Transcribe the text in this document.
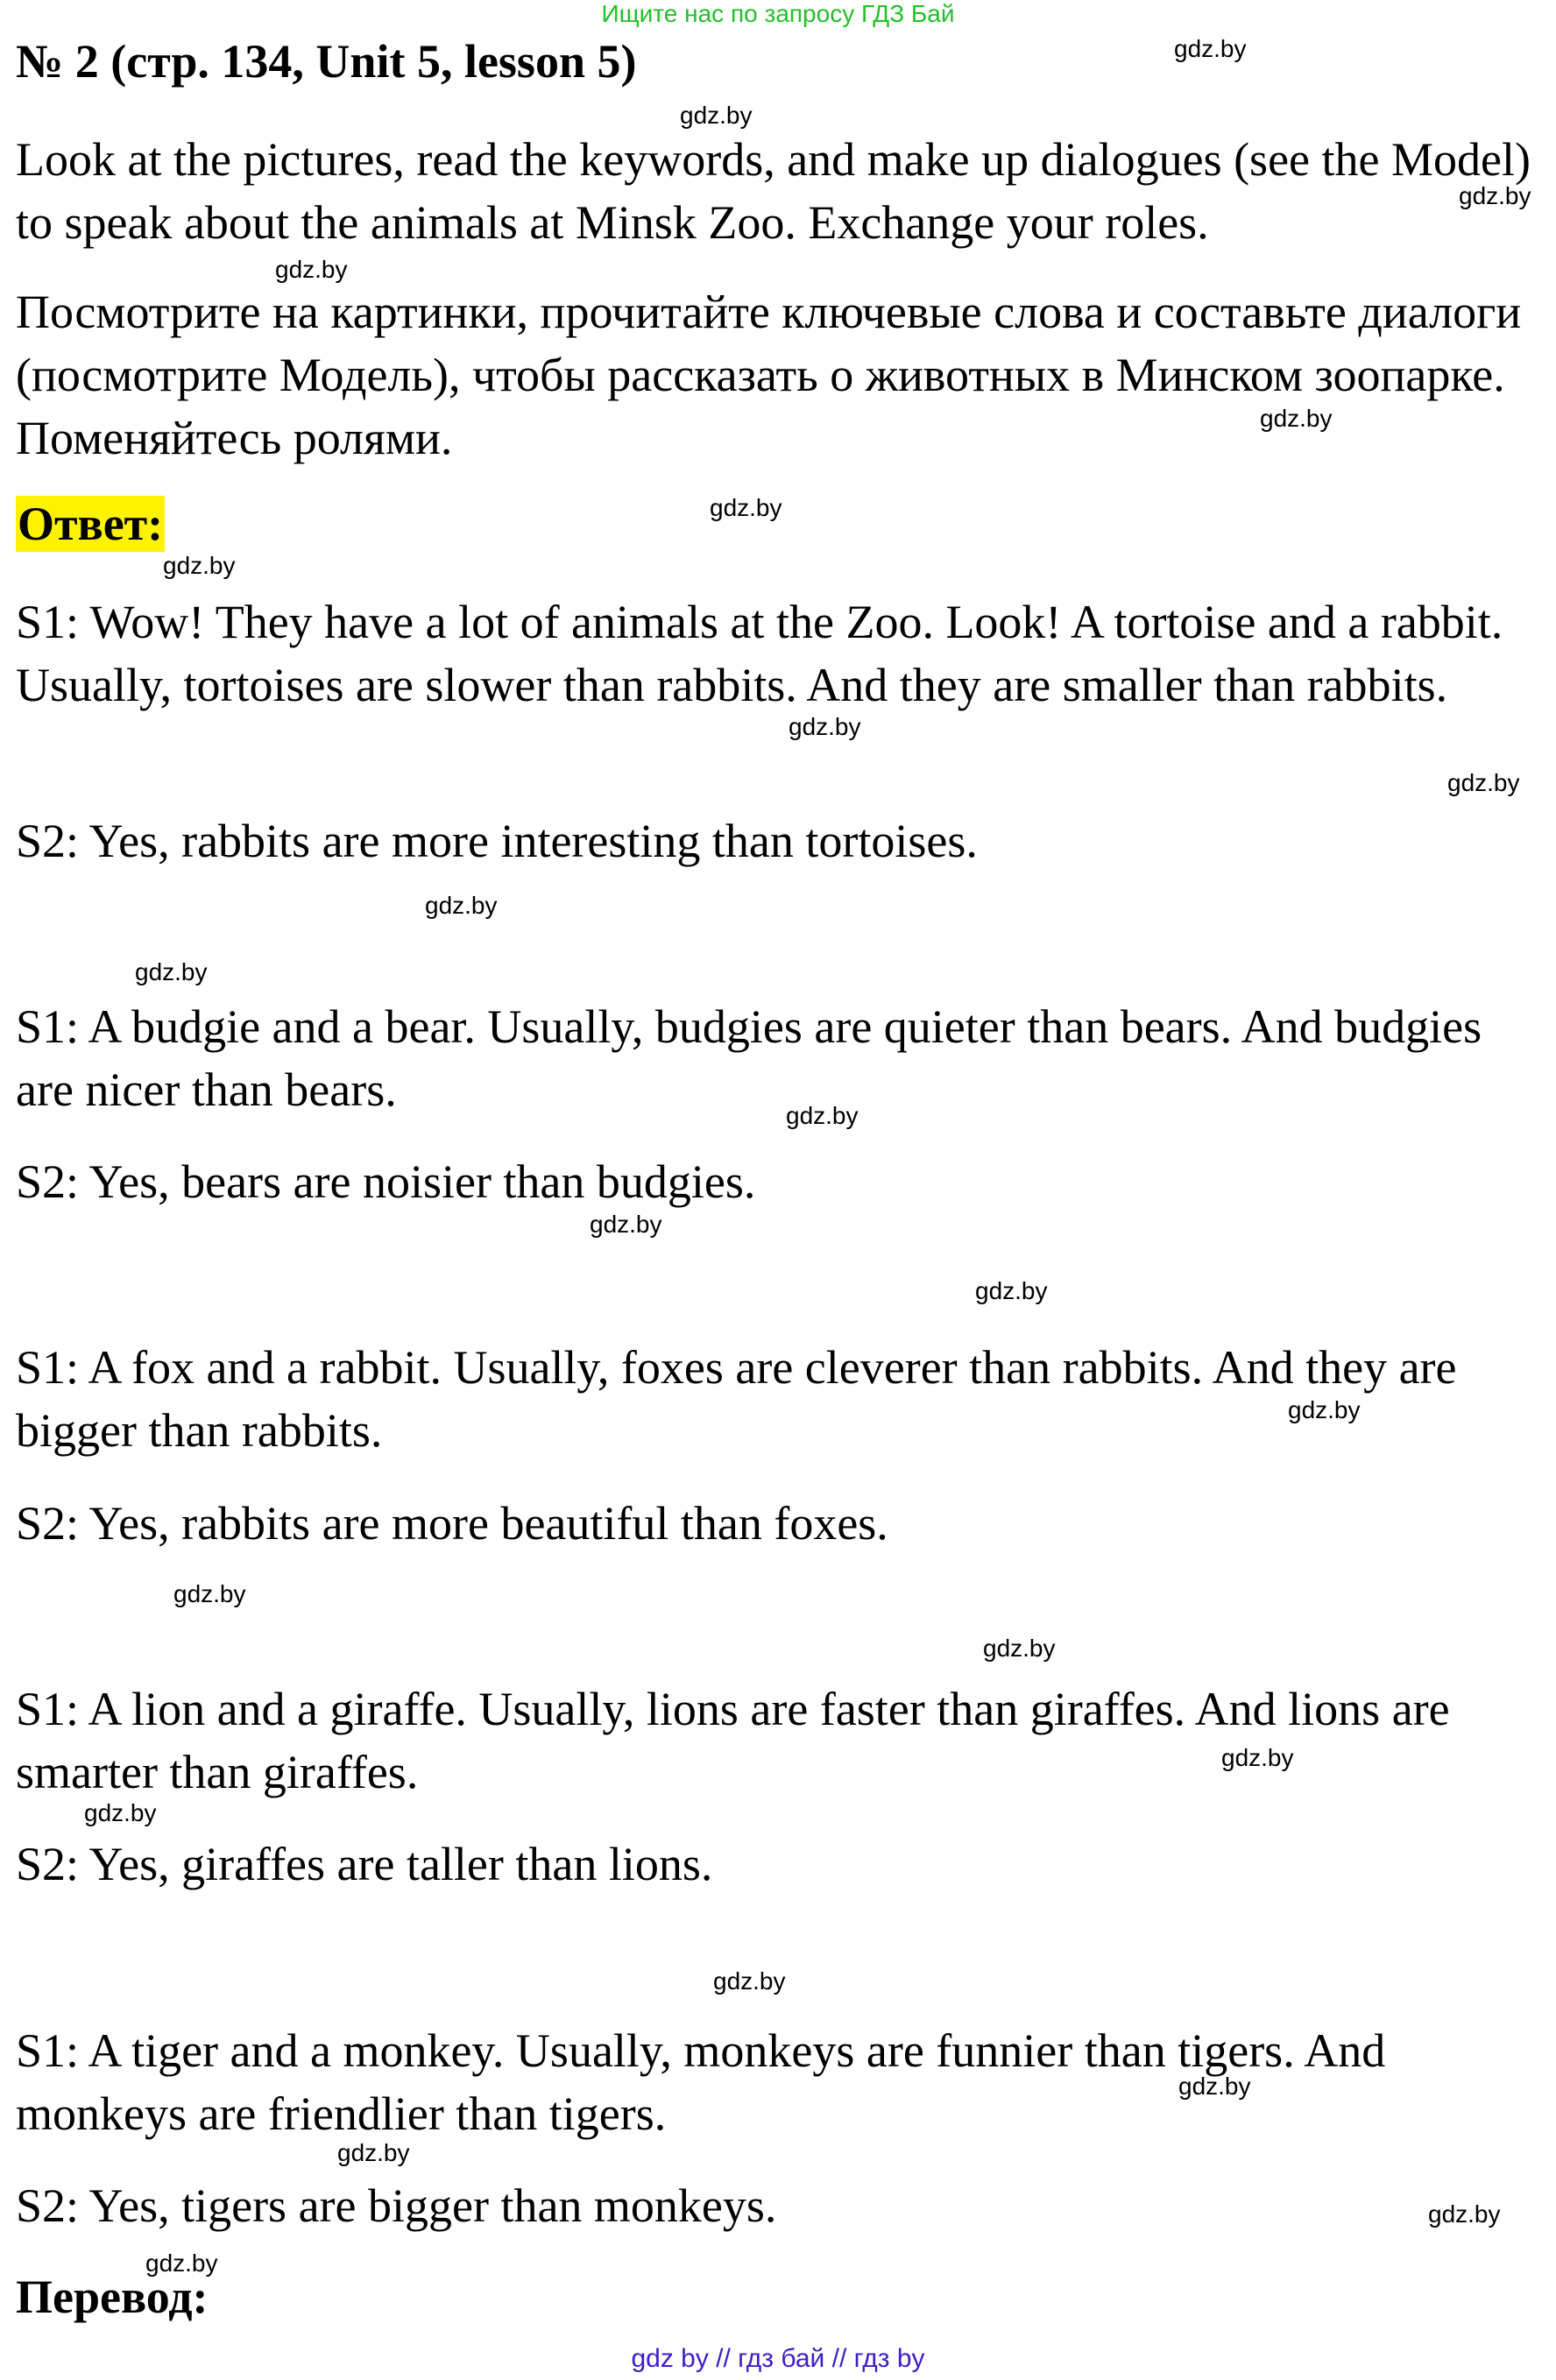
Ищите нас по запросу ГДЗ Бай
№ 2 (стр. 134, Unit 5, lesson 5)
Look at the pictures, read the keywords, and make up dialogues (see the Model) to speak about the animals at Minsk Zoo. Exchange your roles.
Посмотрите на картинки, прочитайте ключевые слова и составьте диалоги (посмотрите Модель), чтобы рассказать о животных в Минском зоопарке. Поменяйтесь ролями.
Ответ:
S1: Wow! They have a lot of animals at the Zoo. Look! A tortoise and a rabbit. Usually, tortoises are slower than rabbits. And they are smaller than rabbits.
S2: Yes, rabbits are more interesting than tortoises.
S1: A budgie and a bear. Usually, budgies are quieter than bears. And budgies are nicer than bears.
S2: Yes, bears are noisier than budgies.
S1: A fox and a rabbit. Usually, foxes are cleverer than rabbits. And they are bigger than rabbits.
S2: Yes, rabbits are more beautiful than foxes.
S1: A lion and a giraffe. Usually, lions are faster than giraffes. And lions are smarter than giraffes.
S2: Yes, giraffes are taller than lions.
S1: A tiger and a monkey. Usually, monkeys are funnier than tigers. And monkeys are friendlier than tigers.
S2: Yes, tigers are bigger than monkeys.
Перевод:
gdz.by
gdz.by
gdz.by
gdz.by
gdz.by
gdz.by
gdz.by
gdz.by
gdz.by
gdz.by
gdz.by
gdz.by
gdz.by
gdz.by
gdz.by
gdz.by
gdz.by
gdz.by
gdz.by
gdz.by
gdz.by
gdz.by
gdz.by
gdz.by
gdz by // гдз бай // гдз by
